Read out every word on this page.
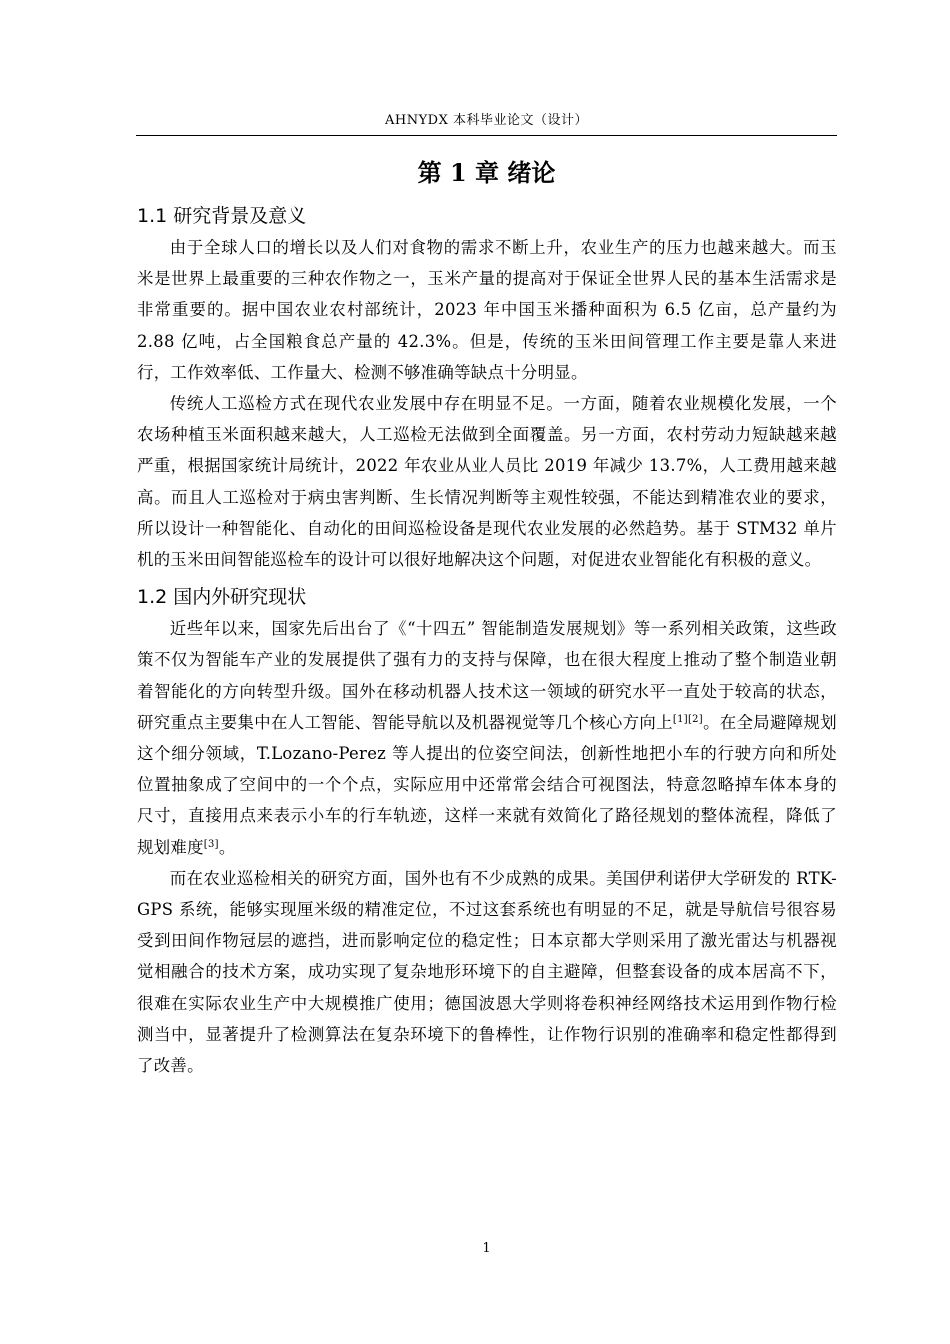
AHNYDX 本科毕业论文（设计）
第 1 章 绪论
1.1 研究背景及意义

由于全球人口的增长以及人们对食物的需求不断上升，农业生产的压力也越来越大。而玉米是世界上最重要的三种农作物之一，玉米产量的提高对于保证全世界人民的基本生活需求是非常重要的。据中国农业农村部统计，2023 年中国玉米播种面积为 6.5 亿亩，总产量约为 2.88 亿吨，占全国粮食总产量的 42.3%。但是，传统的玉米田间管理工作主要是靠人来进行，工作效率低、工作量大、检测不够准确等缺点十分明显。

传统人工巡检方式在现代农业发展中存在明显不足。一方面，随着农业规模化发展，一个农场种植玉米面积越来越大，人工巡检无法做到全面覆盖。另一方面，农村劳动力短缺越来越严重，根据国家统计局统计，2022 年农业从业人员比 2019 年减少 13.7%，人工费用越来越高。而且人工巡检对于病虫害判断、生长情况判断等主观性较强，不能达到精准农业的要求，所以设计一种智能化、自动化的田间巡检设备是现代农业发展的必然趋势。基于 STM32 单片机的玉米田间智能巡检车的设计可以很好地解决这个问题，对促进农业智能化有积极的意义。

1.2 国内外研究现状

近些年以来，国家先后出台了《“十四五” 智能制造发展规划》等一系列相关政策，这些政策不仅为智能车产业的发展提供了强有力的支持与保障，也在很大程度上推动了整个制造业朝着智能化的方向转型升级。国外在移动机器人技术这一领域的研究水平一直处于较高的状态，研究重点主要集中在人工智能、智能导航以及机器视觉等几个核心方向上[1][2]。在全局避障规划这个细分领域，T.Lozano-Perez 等人提出的位姿空间法，创新性地把小车的行驶方向和所处位置抽象成了空间中的一个个点，实际应用中还常常会结合可视图法，特意忽略掉车体本身的尺寸，直接用点来表示小车的行车轨迹，这样一来就有效简化了路径规划的整体流程，降低了规划难度[3]。

而在农业巡检相关的研究方面，国外也有不少成熟的成果。美国伊利诺伊大学研发的 RTK-GPS 系统，能够实现厘米级的精准定位，不过这套系统也有明显的不足，就是导航信号很容易受到田间作物冠层的遮挡，进而影响定位的稳定性；日本京都大学则采用了激光雷达与机器视觉相融合的技术方案，成功实现了复杂地形环境下的自主避障，但整套设备的成本居高不下，很难在实际农业生产中大规模推广使用；德国波恩大学则将卷积神经网络技术运用到作物行检测当中，显著提升了检测算法在复杂环境下的鲁棒性，让作物行识别的准确率和稳定性都得到了改善。

1
